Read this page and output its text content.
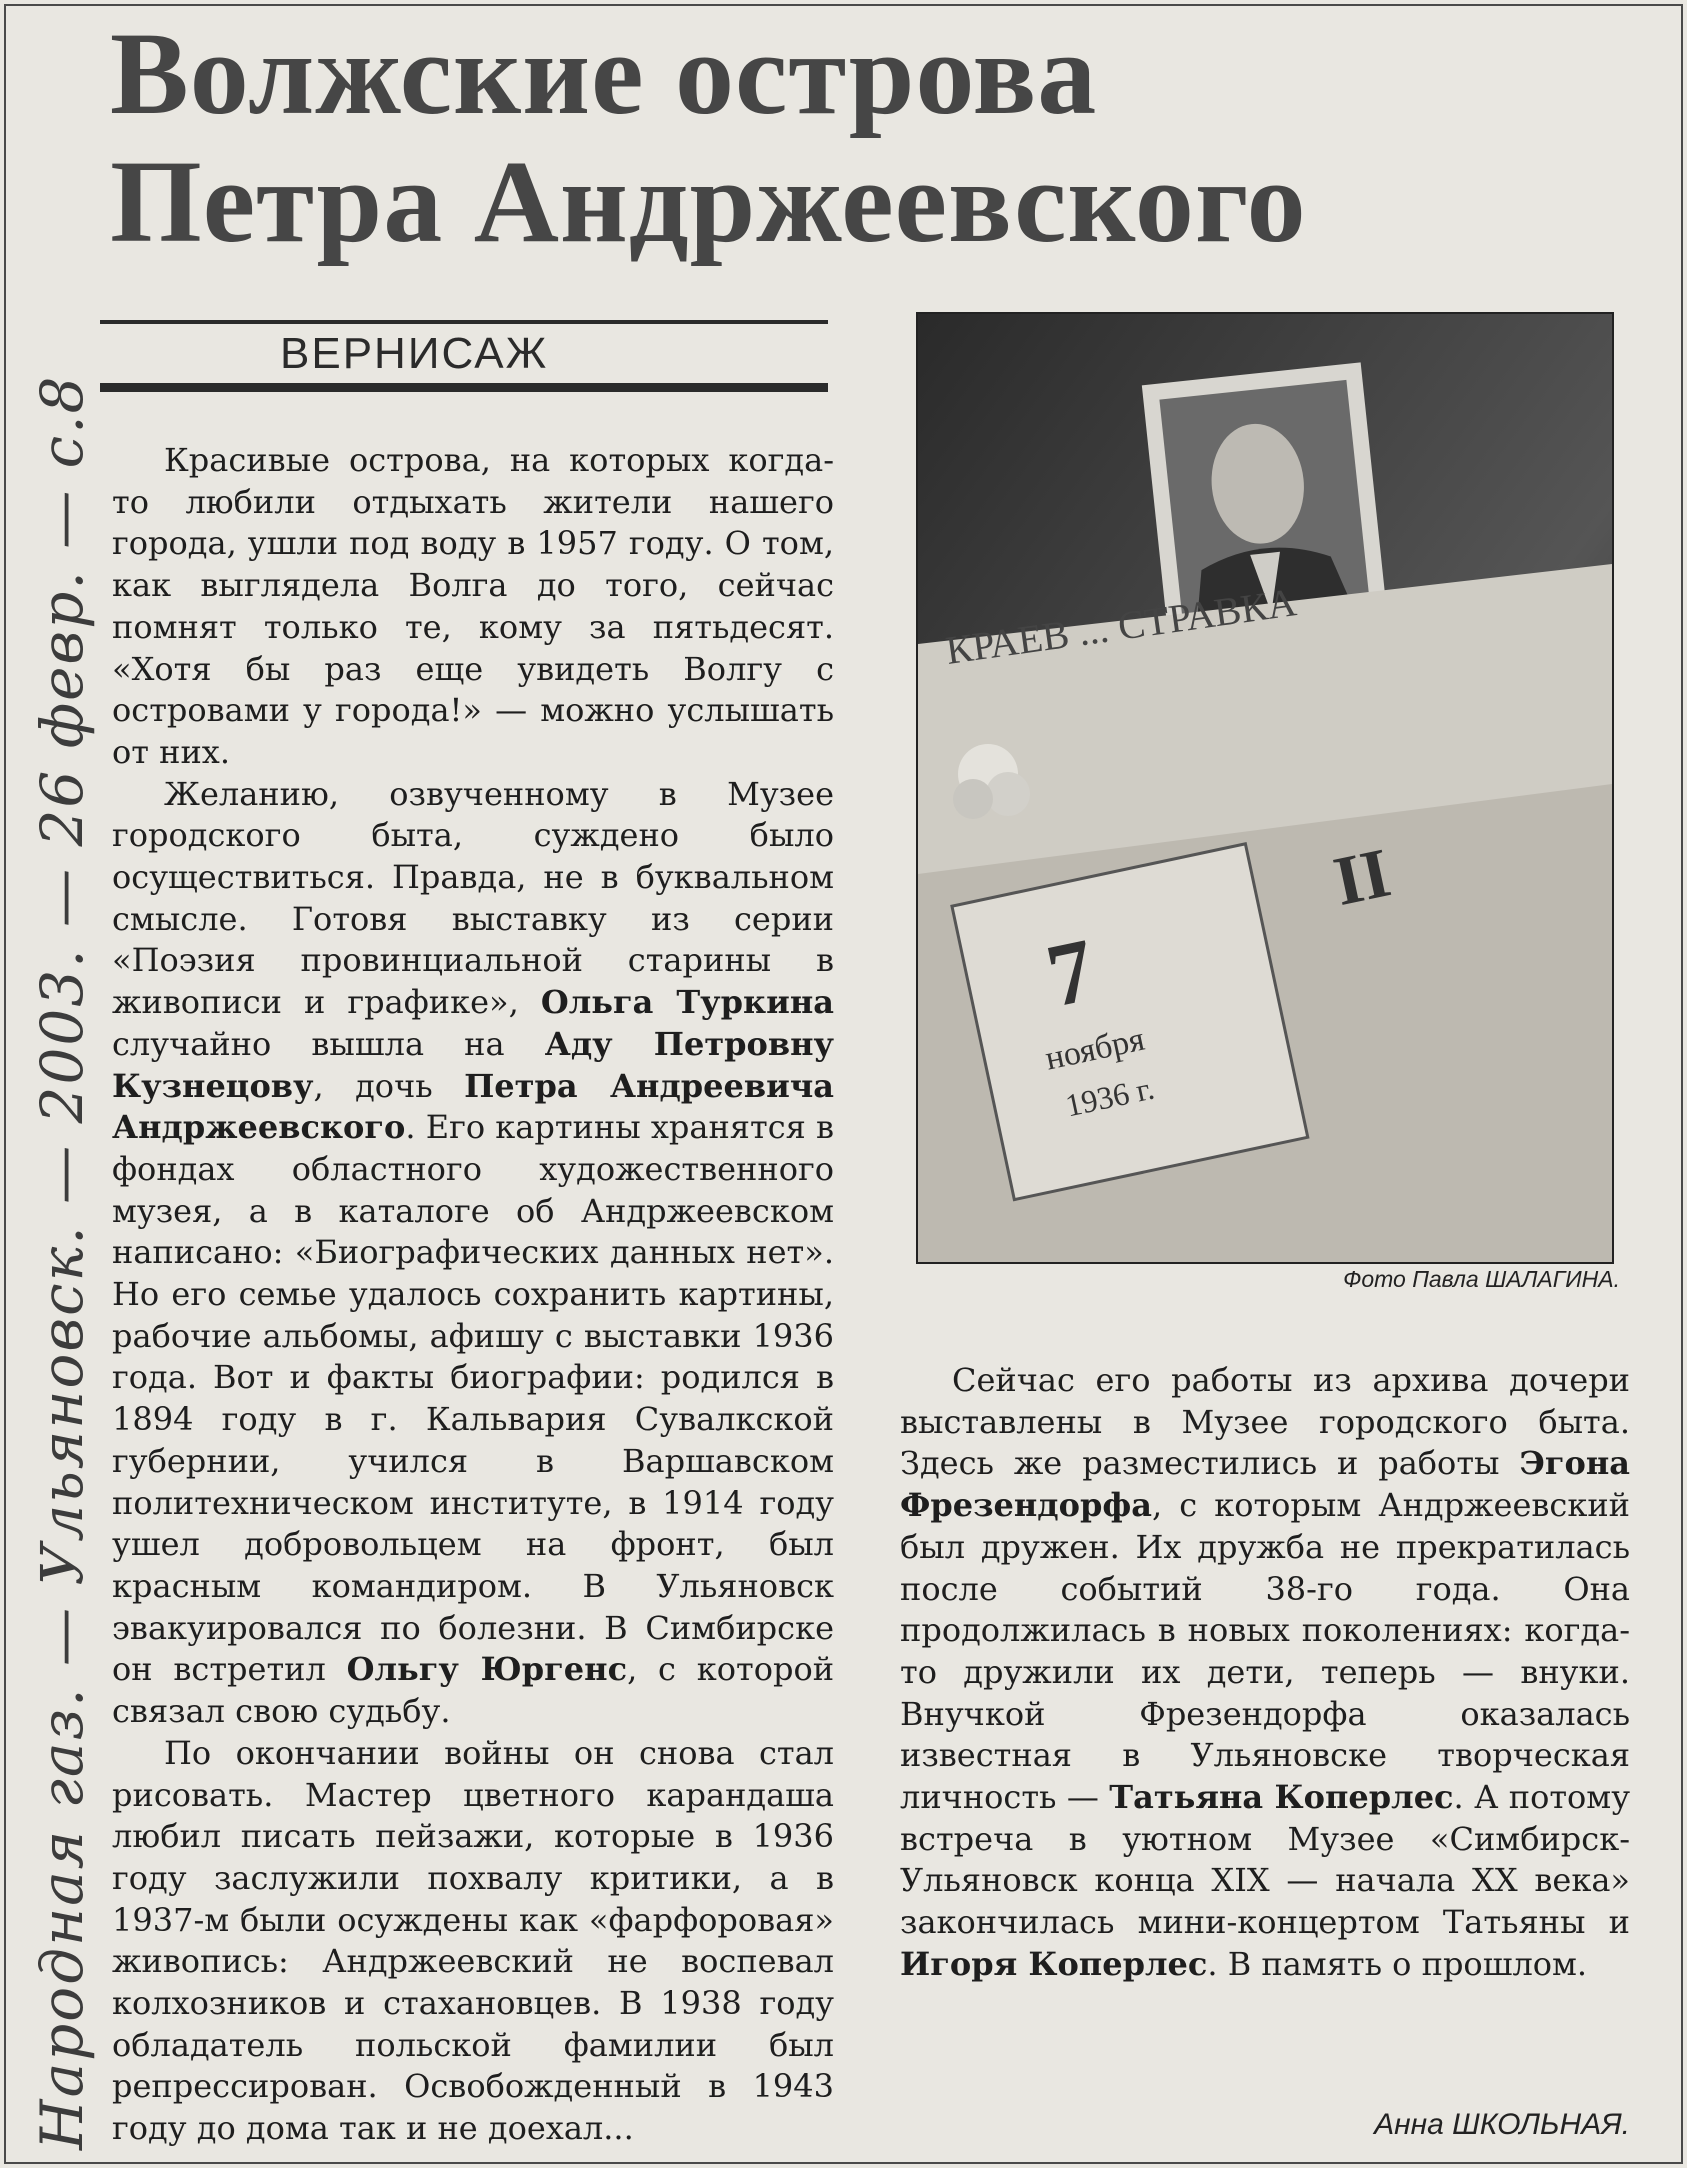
Волжские острова
Петра Андржеевского
ВЕРНИСАЖ
Народная газ. — Ульяновск. — 2003. — 26 февр. — с.8	Красивые острова, на которых когда-то любили отдыхать жители нашего города, ушли под воду в 1957 году. О том, как выглядела Волга до того, сейчас помнят только те, кому за пятьдесят. «Хотя бы раз еще увидеть Волгу с островами у города!» — можно услышать от них.

Желанию, озвученному в Музее городского быта, суждено было осуществиться. Правда, не в буквальном смысле. Готовя выставку из серии «Поэзия провинциальной старины в живописи и графике», Ольга Туркина случайно вышла на Аду Петровну Кузнецову, дочь Петра Андреевича Андржеевского. Его картины хранятся в фондах областного художественного музея, а в каталоге об Андржеевском написано: «Биографических данных нет». Но его семье удалось сохранить картины, рабочие альбомы, афишу с выставки 1936 года. Вот и факты биографии: родился в 1894 году в г. Кальвария Сувалкской губернии, учился в Варшавском политехническом институте, в 1914 году ушел добровольцем на фронт, был красным командиром. В Ульяновск эвакуировался по болезни. В Симбирске он встретил Ольгу Юргенс, с которой связал свою судьбу.

По окончании войны он снова стал рисовать. Мастер цветного карандаша любил писать пейзажи, которые в 1936 году заслужили похвалу критики, а в 1937-м были осуждены как «фарфоровая» живопись: Андржеевский не воспевал колхозников и стахановцев. В 1938 году обладатель польской фамилии был репрессирован. Освобожденный в 1943 году до дома так и не доехал...

КРАЕВ ... СТРАВКА
7
ноября
1936 г.
II
Фото Павла ШАЛАГИНА.

Сейчас его работы из архива дочери выставлены в Музее городского быта. Здесь же разместились и работы Эгона Фрезендорфа, с которым Андржеевский был дружен. Их дружба не прекратилась после событий 38-го года. Она продолжилась в новых поколениях: когда-то дружили их дети, теперь — внуки. Внучкой Фрезендорфа оказалась известная в Ульяновске творческая личность — Татьяна Коперлес. А потому встреча в уютном Музее «Симбирск-Ульяновск конца XIX — начала XX века» закончилась мини-концертом Татьяны и Игоря Коперлес. В память о прошлом.

Анна ШКОЛЬНАЯ.
